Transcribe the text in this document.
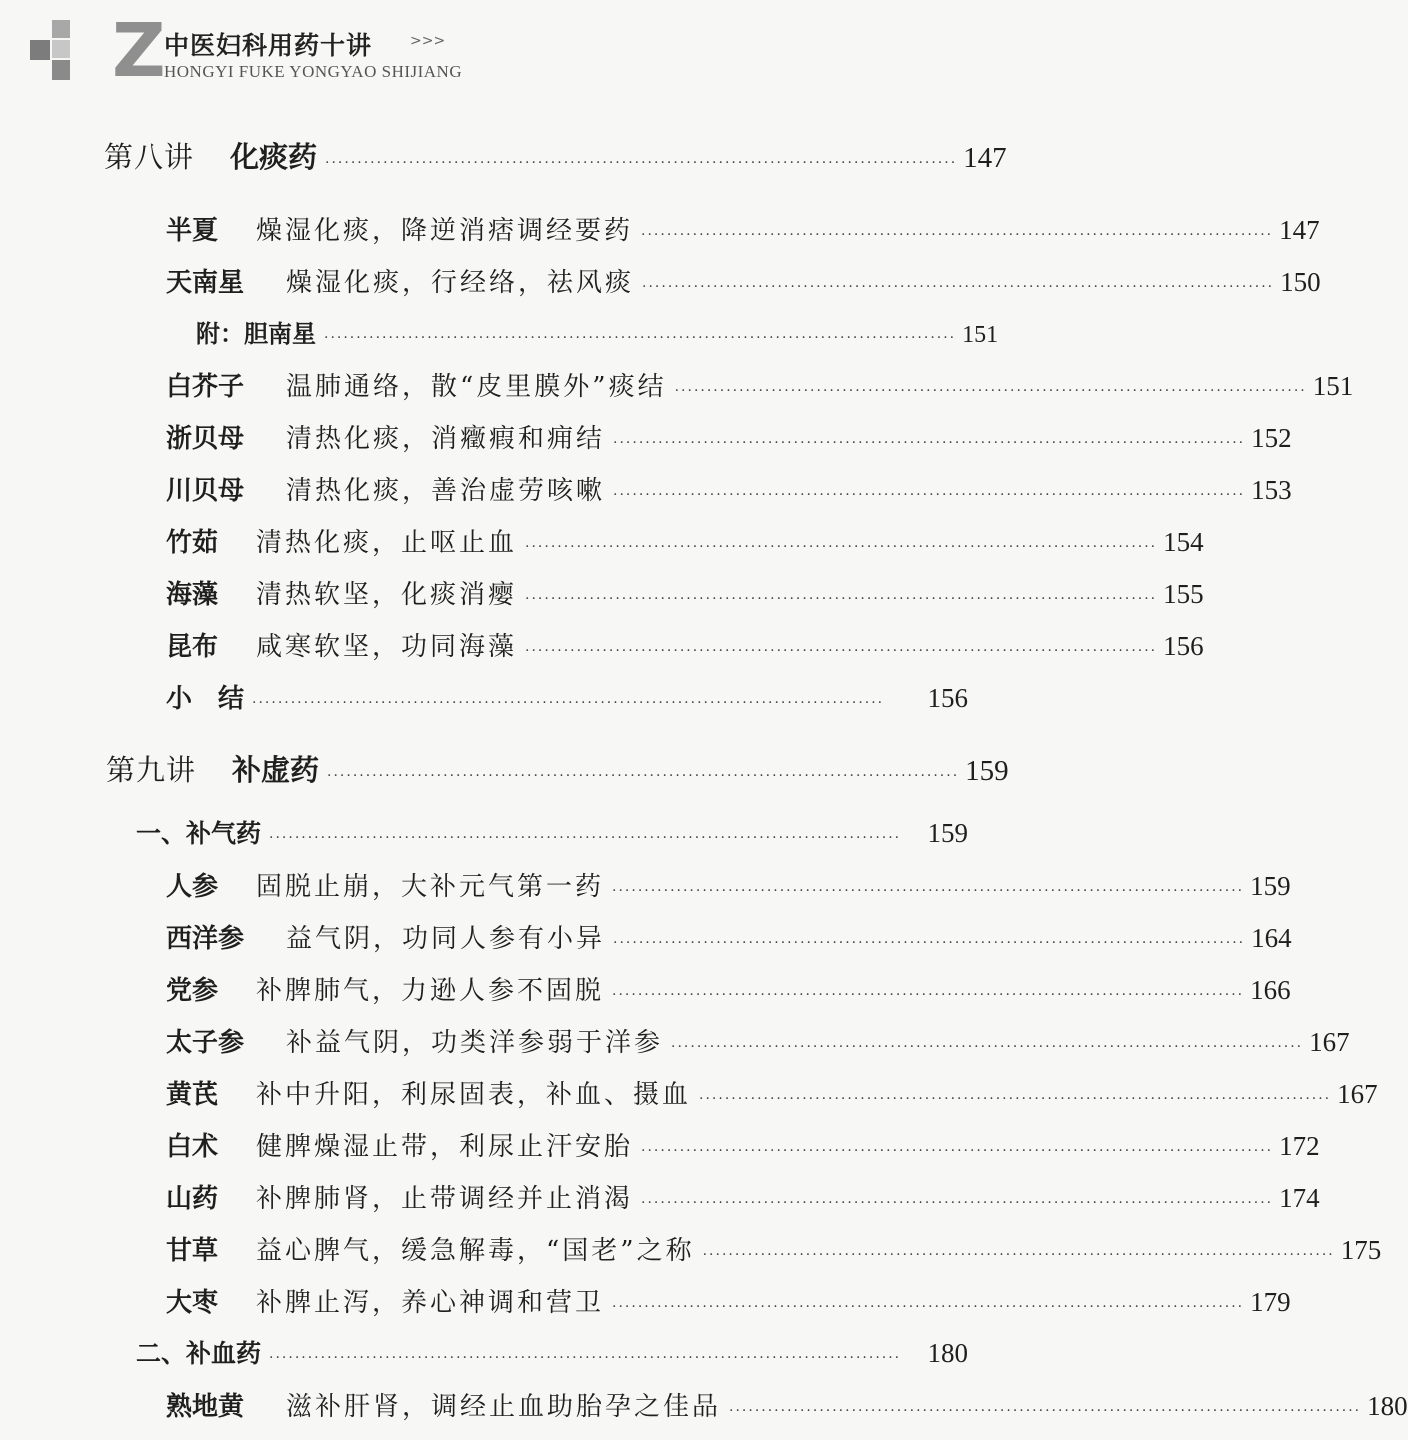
Z
中医妇科用药十讲	>>>
HONGYI FUKE YONGYAO SHIJIANG
第八讲 化痰药 ·································································································· 147
半夏	燥湿化痰，降逆消痞调经要药 ·································································································· 147
天南星	燥湿化痰，行经络，祛风痰 ·································································································· 150
附：胆南星 ·································································································· 151
白芥子	温肺通络，散“皮里膜外”痰结 ·································································································· 151
浙贝母	清热化痰，消癥瘕和痈结 ·································································································· 152
川贝母	清热化痰，善治虚劳咳嗽 ·································································································· 153
竹茹	清热化痰，止呕止血 ·································································································· 154
海藻	清热软坚，化痰消瘿 ·································································································· 155
昆布	咸寒软坚，功同海藻 ·································································································· 156
小　结 ··································································································	156
第九讲 补虚药 ·································································································· 159
一、补气药 ·································································································· 159
人参	固脱止崩，大补元气第一药 ·································································································· 159
西洋参	益气阴，功同人参有小异 ·································································································· 164
党参	补脾肺气，力逊人参不固脱 ·································································································· 166
太子参	补益气阴，功类洋参弱于洋参 ·································································································· 167
黄芪	补中升阳，利尿固表，补血、摄血 ·································································································· 167
白术	健脾燥湿止带，利尿止汗安胎 ·································································································· 172
山药	补脾肺肾，止带调经并止消渴 ·································································································· 174
甘草	益心脾气，缓急解毒，“国老”之称 ·································································································· 175
大枣	补脾止泻，养心神调和营卫 ·································································································· 179
二、补血药 ·································································································· 180
熟地黄	滋补肝肾，调经止血助胎孕之佳品 ·································································································· 180
